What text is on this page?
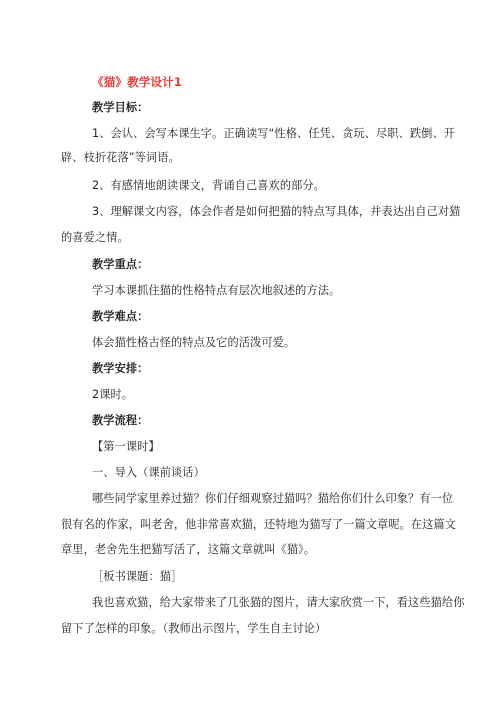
《猫》教学设计1
教学目标：
1、会认、会写本课生字。正确读写“性格、任凭、贪玩、尽职、跌倒、开
辟、枝折花落”等词语。
2、有感情地朗读课文，背诵自己喜欢的部分。
3、理解课文内容，体会作者是如何把猫的特点写具体，并表达出自己对猫
的喜爱之情。
教学重点：
学习本课抓住猫的性格特点有层次地叙述的方法。
教学难点：
体会猫性格古怪的特点及它的活泼可爱。
教学安排：
2课时。
教学流程：
【第一课时】
一、导入（课前谈话）
哪些同学家里养过猫？你们仔细观察过猫吗？猫给你们什么印象？有一位
很有名的作家，叫老舍，他非常喜欢猫，还特地为猫写了一篇文章呢。在这篇文
章里，老舍先生把猫写活了，这篇文章就叫《猫》。
［板书课题：猫］
我也喜欢猫，给大家带来了几张猫的图片，请大家欣赏一下，看这些猫给你
留下了怎样的印象。（教师出示图片，学生自主讨论）
